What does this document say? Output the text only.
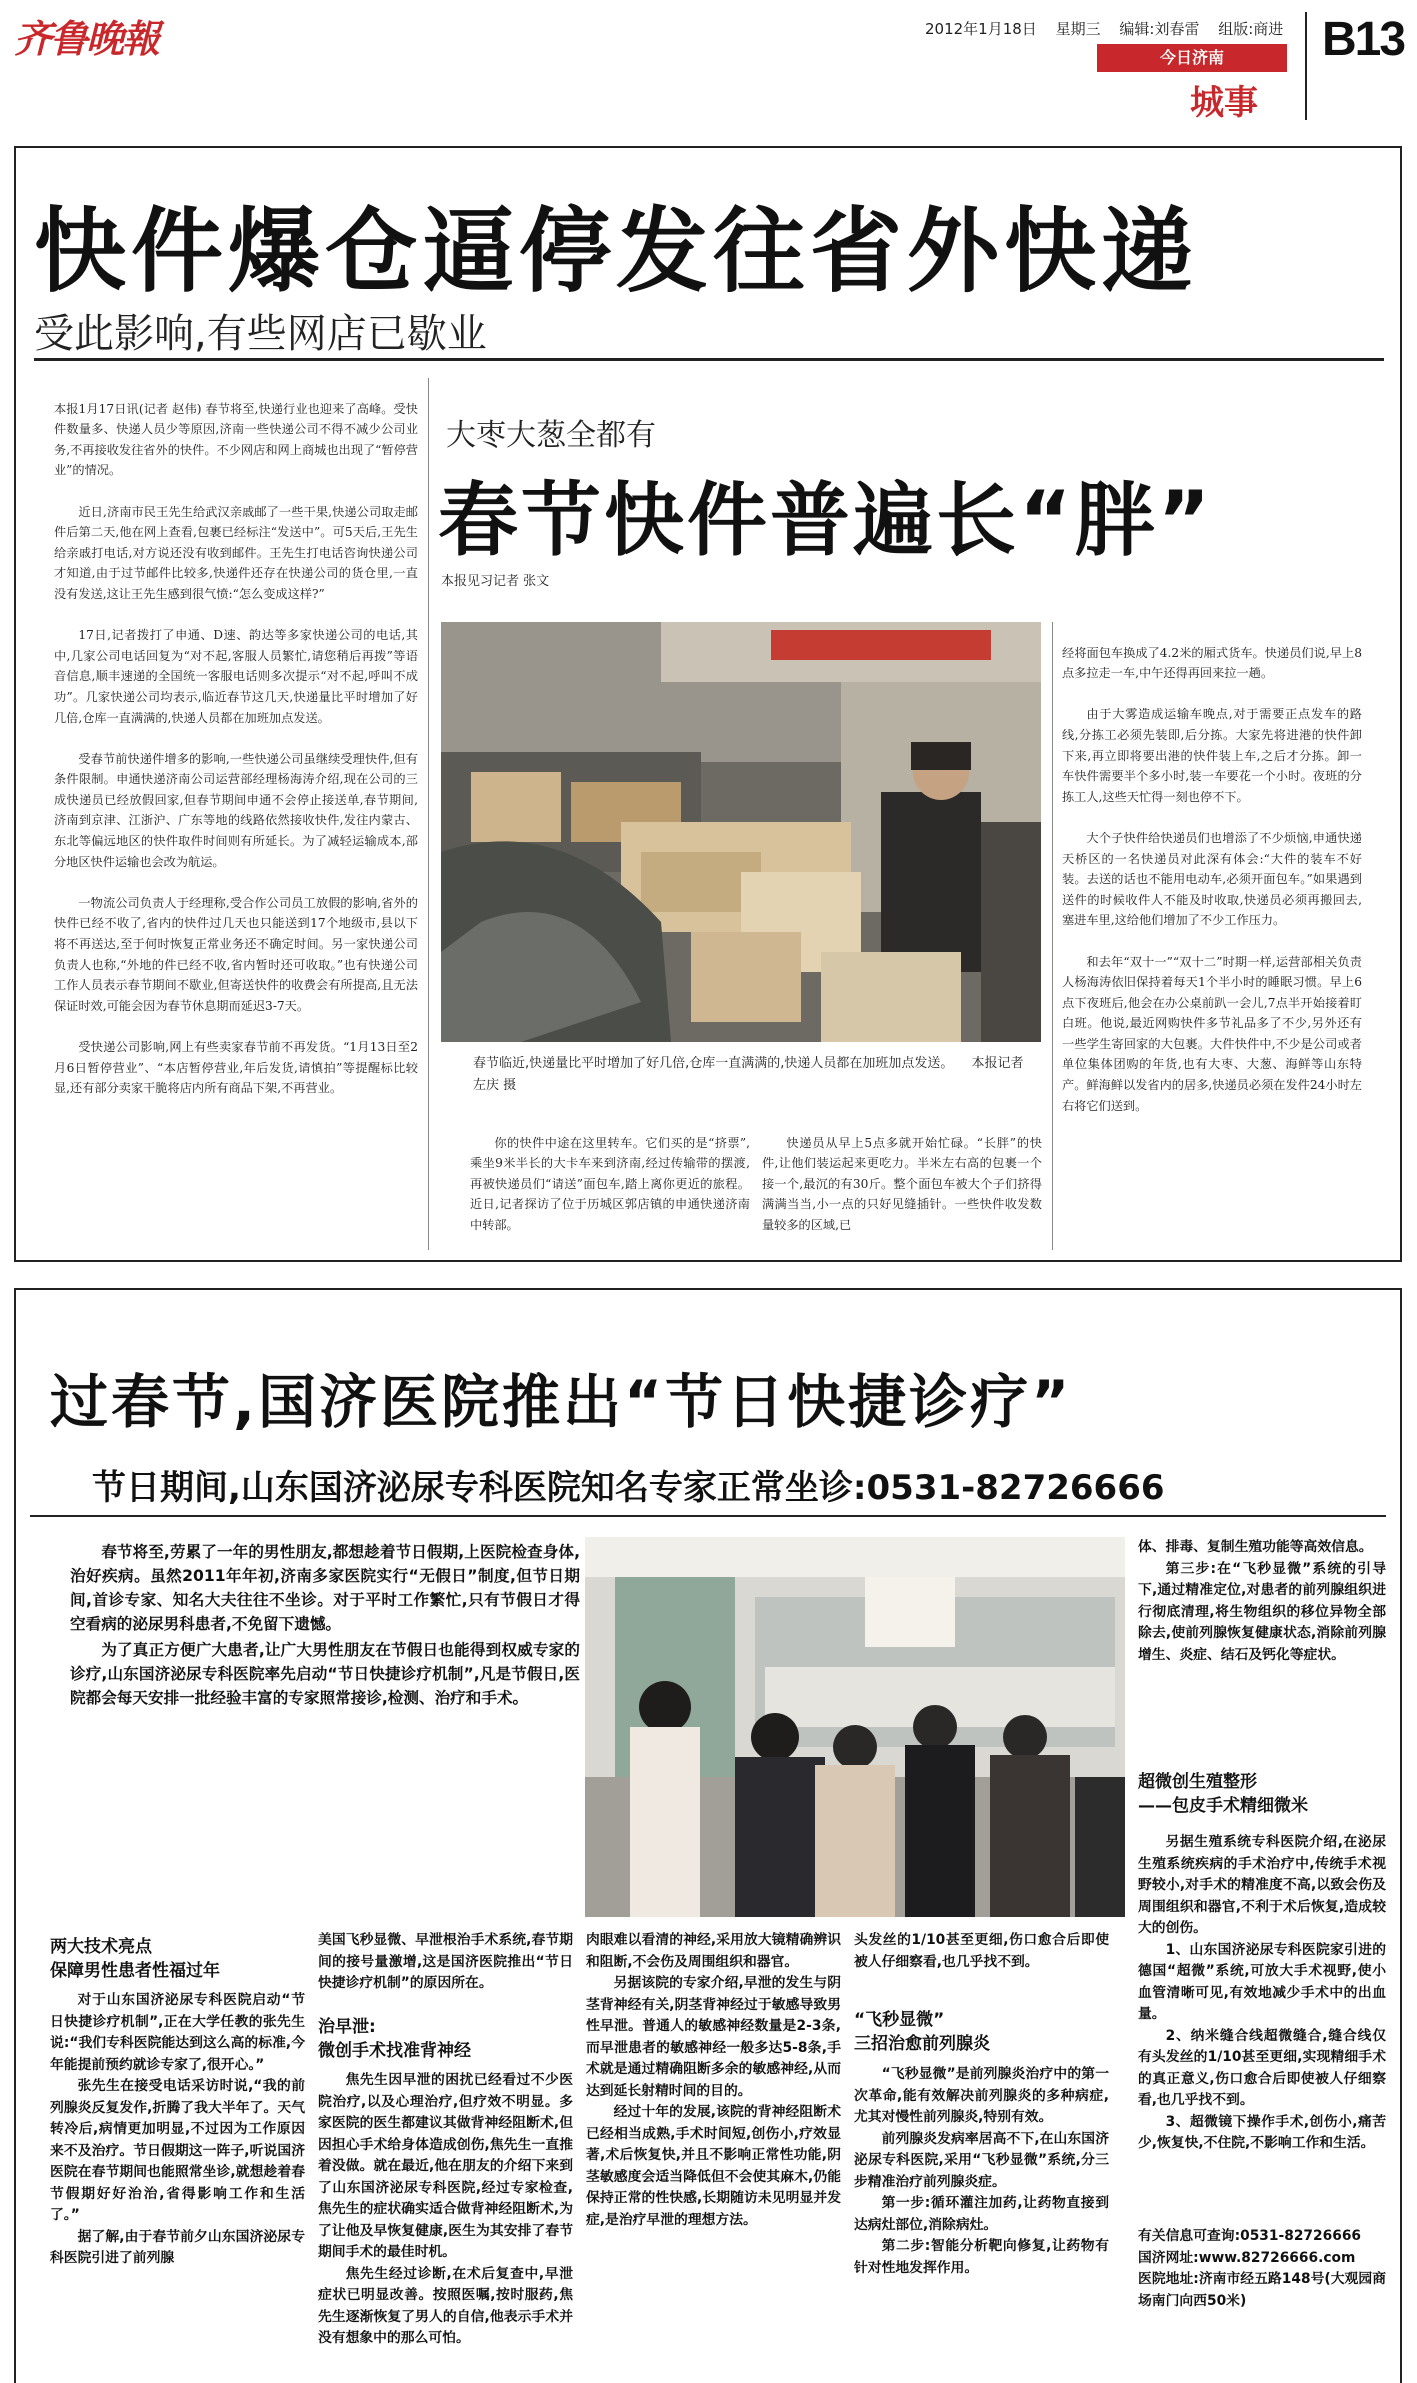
齐鲁晚報	2012年1月18日 星期三 编辑:刘春雷 组版:商进
今日济南
城事
B13
快件爆仓逼停发往省外快递
受此影响,有些网店已歇业

本报1月17日讯(记者 赵伟) 春节将至,快递行业也迎来了高峰。受快件数量多、快递人员少等原因,济南一些快递公司不得不减少公司业务,不再接收发往省外的快件。不少网店和网上商城也出现了“暂停营业”的情况。

近日,济南市民王先生给武汉亲戚邮了一些干果,快递公司取走邮件后第二天,他在网上查看,包裹已经标注“发送中”。可5天后,王先生给亲戚打电话,对方说还没有收到邮件。王先生打电话咨询快递公司才知道,由于过节邮件比较多,快递件还存在快递公司的货仓里,一直没有发送,这让王先生感到很气愤:“怎么变成这样?”

17日,记者拨打了申通、D速、韵达等多家快递公司的电话,其中,几家公司电话回复为“对不起,客服人员繁忙,请您稍后再拨”等语音信息,顺丰速递的全国统一客服电话则多次提示“对不起,呼叫不成功”。几家快递公司均表示,临近春节这几天,快递量比平时增加了好几倍,仓库一直满满的,快递人员都在加班加点发送。

受春节前快递件增多的影响,一些快递公司虽继续受理快件,但有条件限制。申通快递济南公司运营部经理杨海涛介绍,现在公司的三成快递员已经放假回家,但春节期间申通不会停止接送单,春节期间,济南到京津、江浙沪、广东等地的线路依然接收快件,发往内蒙古、东北等偏远地区的快件取件时间则有所延长。为了减轻运输成本,部分地区快件运输也会改为航运。

一物流公司负责人于经理称,受合作公司员工放假的影响,省外的快件已经不收了,省内的快件过几天也只能送到17个地级市,县以下将不再送达,至于何时恢复正常业务还不确定时间。另一家快递公司负责人也称,“外地的件已经不收,省内暂时还可收取。”也有快递公司工作人员表示春节期间不歇业,但寄送快件的收费会有所提高,且无法保证时效,可能会因为春节休息期而延迟3-7天。

受快递公司影响,网上有些卖家春节前不再发货。“1月13日至2月6日暂停营业”、“本店暂停营业,年后发货,请慎拍”等提醒标比较显,还有部分卖家干脆将店内所有商品下架,不再营业。

大枣大葱全都有
春节快件普遍长“胖”
本报见习记者 张文
春节临近,快递量比平时增加了好几倍,仓库一直满满的,快递人员都在加班加点发送。 本报记者 左庆 摄

你的快件中途在这里转车。它们买的是“挤票”,乘坐9米半长的大卡车来到济南,经过传输带的摆渡,再被快递员们“请送”面包车,踏上离你更近的旅程。近日,记者探访了位于历城区郭店镇的申通快递济南中转部。

快递员从早上5点多就开始忙碌。“长胖”的快件,让他们装运起来更吃力。半米左右高的包裹一个接一个,最沉的有30斤。整个面包车被大个子们挤得满满当当,小一点的只好见缝插针。一些快件收发数量较多的区域,已

经将面包车换成了4.2米的厢式货车。快递员们说,早上8点多拉走一车,中午还得再回来拉一趟。

由于大雾造成运输车晚点,对于需要正点发车的路线,分拣工必须先装即,后分拣。大家先将进港的快件卸下来,再立即将要出港的快件装上车,之后才分拣。卸一车快件需要半个多小时,装一车要花一个小时。夜班的分拣工人,这些天忙得一刻也停不下。

大个子快件给快递员们也增添了不少烦恼,申通快递天桥区的一名快递员对此深有体会:“大件的装车不好装。去送的话也不能用电动车,必须开面包车。”如果遇到送件的时候收件人不能及时收取,快递员必须再搬回去,塞进车里,这给他们增加了不少工作压力。

和去年“双十一”“双十二”时期一样,运营部相关负责人杨海涛依旧保持着每天1个半小时的睡眠习惯。早上6点下夜班后,他会在办公桌前趴一会儿,7点半开始接着盯白班。他说,最近网购快件多节礼品多了不少,另外还有一些学生寄回家的大包裹。大件快件中,不少是公司或者单位集体团购的年货,也有大枣、大葱、海鲜等山东特产。鲜海鲜以发省内的居多,快递员必须在发件24小时左右将它们送到。

过春节,国济医院推出“节日快捷诊疗”
节日期间,山东国济泌尿专科医院知名专家正常坐诊:0531-82726666

春节将至,劳累了一年的男性朋友,都想趁着节日假期,上医院检查身体,治好疾病。虽然2011年年初,济南多家医院实行“无假日”制度,但节日期间,首诊专家、知名大夫往往不坐诊。对于平时工作繁忙,只有节假日才得空看病的泌尿男科患者,不免留下遗憾。

为了真正方便广大患者,让广大男性朋友在节假日也能得到权威专家的诊疗,山东国济泌尿专科医院率先启动“节日快捷诊疗机制”,凡是节假日,医院都会每天安排一批经验丰富的专家照常接诊,检测、治疗和手术。

体、排毒、复制生殖功能等高效信息。

第三步:在“飞秒显微”系统的引导下,通过精准定位,对患者的前列腺组织进行彻底清理,将生物组织的移位异物全部除去,使前列腺恢复健康状态,消除前列腺增生、炎症、结石及钙化等症状。

超微创生殖整形
——包皮手术精细微米

另据生殖系统专科医院介绍,在泌尿生殖系统疾病的手术治疗中,传统手术视野较小,对手术的精准度不高,以致会伤及周围组织和器官,不利于术后恢复,造成较大的创伤。

1、山东国济泌尿专科医院家引进的德国“超微”系统,可放大手术视野,使小血管清晰可见,有效地减少手术中的出血量。

2、纳米缝合线超微缝合,缝合线仅有头发丝的1/10甚至更细,实现精细手术的真正意义,伤口愈合后即使被人仔细察看,也几乎找不到。

3、超微镜下操作手术,创伤小,痛苦少,恢复快,不住院,不影响工作和生活。

有关信息可查询:0531-82726666
国济网址:www.82726666.com
医院地址:济南市经五路148号(大观园商场南门向西50米)
两大技术亮点
保障男性患者性福过年

对于山东国济泌尿专科医院启动“节日快捷诊疗机制”,正在大学任教的张先生说:“我们专科医院能达到这么高的标准,今年能提前预约就诊专家了,很开心。”

张先生在接受电话采访时说,“我的前列腺炎反复发作,折腾了我大半年了。天气转冷后,病情更加明显,不过因为工作原因来不及治疗。节日假期这一阵子,听说国济医院在春节期间也能照常坐诊,就想趁着春节假期好好治治,省得影响工作和生活了。”

据了解,由于春节前夕山东国济泌尿专科医院引进了前列腺

美国飞秒显微、早泄根治手术系统,春节期间的接号量激增,这是国济医院推出“节日快捷诊疗机制”的原因所在。

治早泄:
微创手术找准背神经

焦先生因早泄的困扰已经看过不少医院治疗,以及心理治疗,但疗效不明显。多家医院的医生都建议其做背神经阻断术,但因担心手术给身体造成创伤,焦先生一直推着没做。就在最近,他在朋友的介绍下来到了山东国济泌尿专科医院,经过专家检查,焦先生的症状确实适合做背神经阻断术,为了让他及早恢复健康,医生为其安排了春节期间手术的最佳时机。

焦先生经过诊断,在术后复查中,早泄症状已明显改善。按照医嘱,按时服药,焦先生逐渐恢复了男人的自信,他表示手术并没有想象中的那么可怕。

肉眼难以看清的神经,采用放大镜精确辨识和阻断,不会伤及周围组织和器官。

另据该院的专家介绍,早泄的发生与阴茎背神经有关,阴茎背神经过于敏感导致男性早泄。普通人的敏感神经数量是2-3条,而早泄患者的敏感神经一般多达5-8条,手术就是通过精确阻断多余的敏感神经,从而达到延长射精时间的目的。

经过十年的发展,该院的背神经阻断术已经相当成熟,手术时间短,创伤小,疗效显著,术后恢复快,并且不影响正常性功能,阴茎敏感度会适当降低但不会使其麻木,仍能保持正常的性快感,长期随访未见明显并发症,是治疗早泄的理想方法。

头发丝的1/10甚至更细,伤口愈合后即使被人仔细察看,也几乎找不到。

“飞秒显微”
三招治愈前列腺炎

“飞秒显微”是前列腺炎治疗中的第一次革命,能有效解决前列腺炎的多种病症,尤其对慢性前列腺炎,特别有效。

前列腺炎发病率居高不下,在山东国济泌尿专科医院,采用“飞秒显微”系统,分三步精准治疗前列腺炎症。

第一步:循环灌注加药,让药物直接到达病灶部位,消除病灶。

第二步:智能分析靶向修复,让药物有针对性地发挥作用。
